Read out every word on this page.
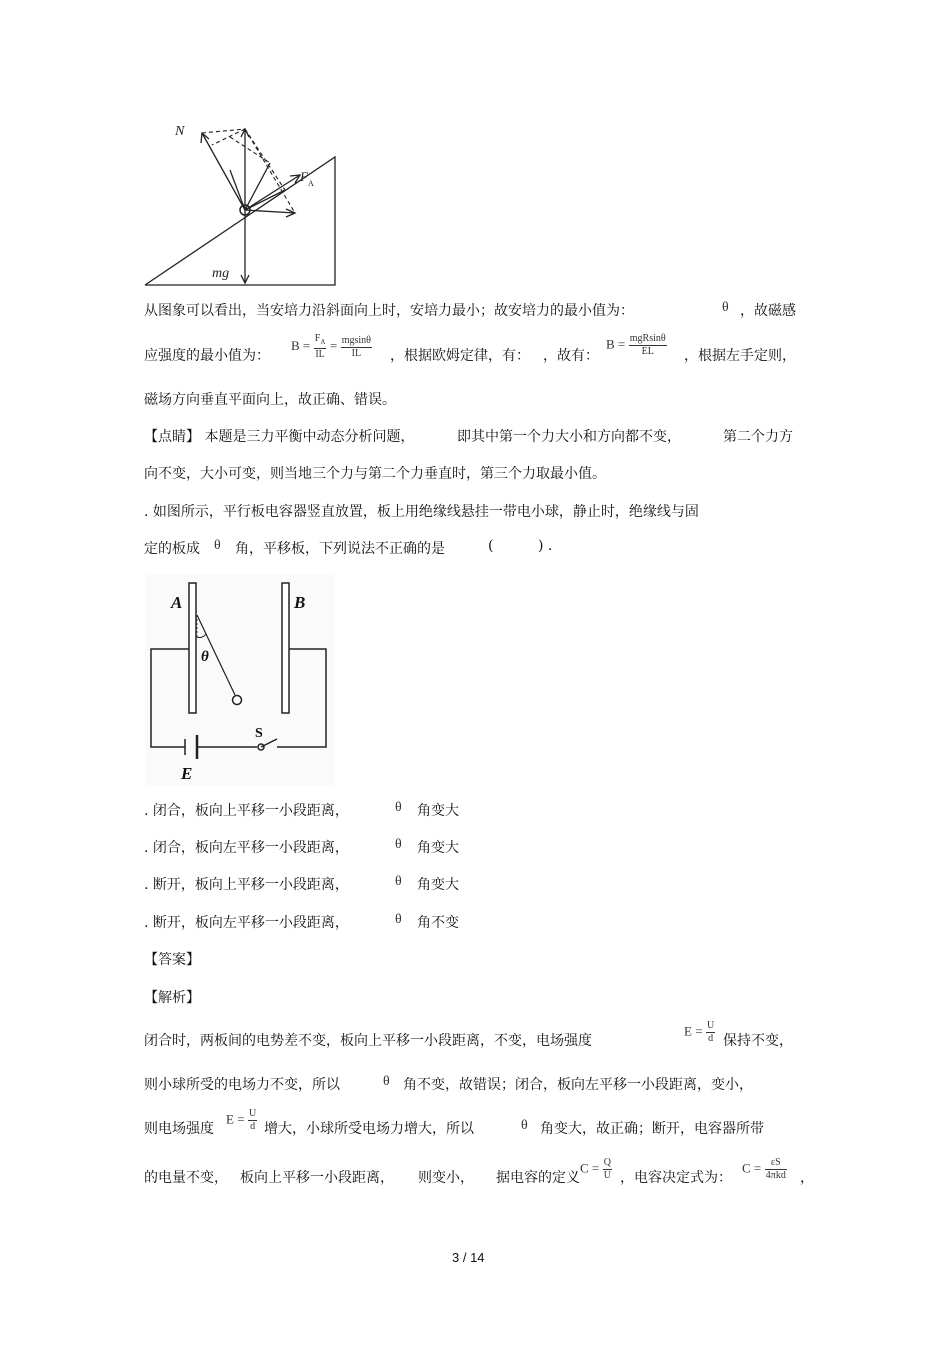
N
F A
mg
从图象可以看出，当安培力沿斜面向上时，安培力最小；故安培力的最小值为：	θ ，故磁感
应强度的最小值为：
$B = \frac{F_A}{IL} = \frac{mgsin\theta}{IL}$ ，根据欧姆定律，有： ，故有：
$B = \frac{\text{mgRsinθ}}{EL}$ ，根据左手定则，
磁场方向垂直平面向上，故正确、错误。
【点睛】 本题是三力平衡中动态分析问题，	即其中第一个力大小和方向都不变，	第二个力方
向不变，大小可变，则当地三个力与第二个力垂直时，第三个力取最小值。
. 如图所示，平行板电容器竖直放置，板上用绝缘线悬挂一带电小球，静止时，绝缘线与固
定的板成 θ 角，平移板，下列说法不正确的是	(	) .
A	B
θ
S
E
. 闭合，板向上平移一小段距离，	θ 角变大
. 闭合，板向左平移一小段距离，	θ 角变大
. 断开，板向上平移一小段距离，	θ 角变大
. 断开，板向左平移一小段距离，	θ 角不变
【答案】
【解析】
闭合时，两板间的电势差不变，板向上平移一小段距离，不变，电场强度
$E = \frac{U}{d}$ 保持不变，
则小球所受的电场力不变，所以	θ 角不变，故错误；闭合，板向左平移一小段距离，变小，
则电场强度
$E = \frac{U}{d}$ 增大，小球所受电场力增大，所以	θ 角变大，故正确；断开，电容器所带
的电量不变， 板向上平移一小段距离， 则变小， 据电容的定义
$C = \frac{Q}{U}$ ，电容决定式为：
$C = \frac{\varepsilon S}{\text{4πkd}}$ ，
3 / 14
